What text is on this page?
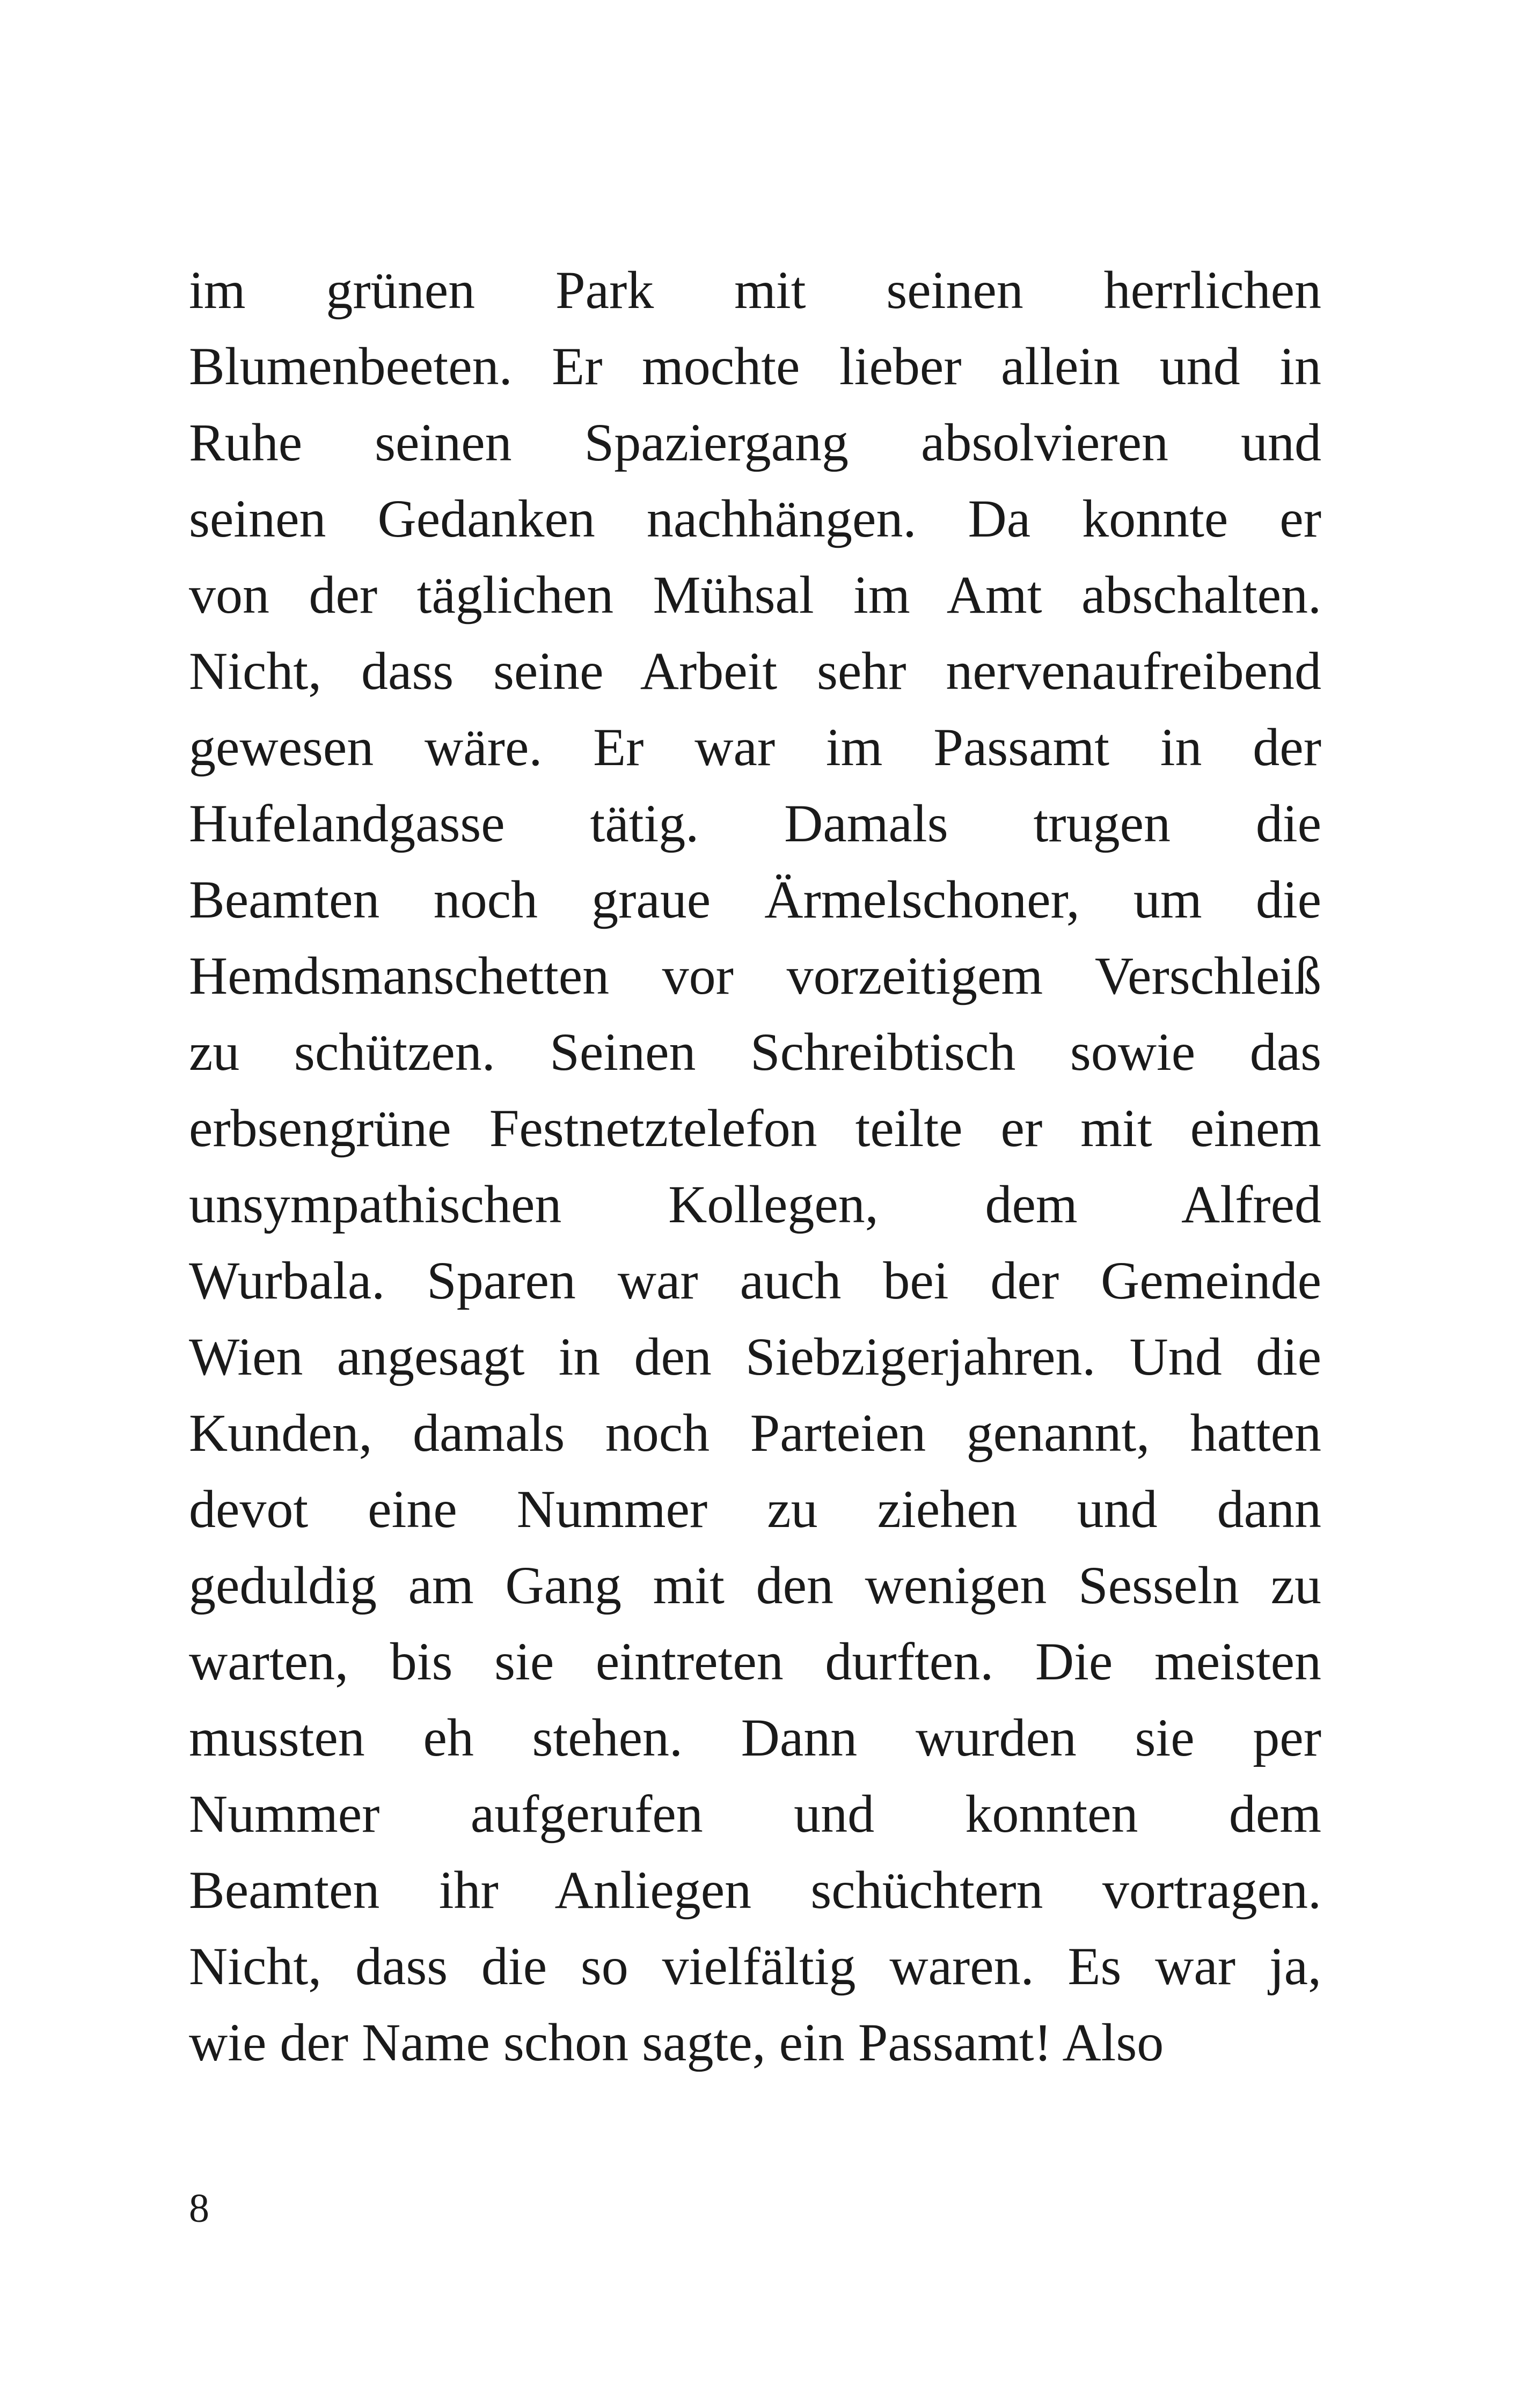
im grünen Park mit seinen herrlichen
Blumenbeeten. Er mochte lieber allein und in
Ruhe seinen Spaziergang absolvieren und
seinen Gedanken nachhängen. Da konnte er
von der täglichen Mühsal im Amt abschalten.
Nicht, dass seine Arbeit sehr nervenaufreibend
gewesen wäre. Er war im Passamt in der
Hufelandgasse tätig. Damals trugen die
Beamten noch graue Ärmelschoner, um die
Hemdsmanschetten vor vorzeitigem Verschleiß
zu schützen. Seinen Schreibtisch sowie das
erbsengrüne Festnetztelefon teilte er mit einem
unsympathischen Kollegen, dem Alfred
Wurbala. Sparen war auch bei der Gemeinde
Wien angesagt in den Siebzigerjahren. Und die
Kunden, damals noch Parteien genannt, hatten
devot eine Nummer zu ziehen und dann
geduldig am Gang mit den wenigen Sesseln zu
warten, bis sie eintreten durften. Die meisten
mussten eh stehen. Dann wurden sie per
Nummer aufgerufen und konnten dem
Beamten ihr Anliegen schüchtern vortragen.
Nicht, dass die so vielfältig waren. Es war ja,
wie der Name schon sagte, ein Passamt! Also
8
